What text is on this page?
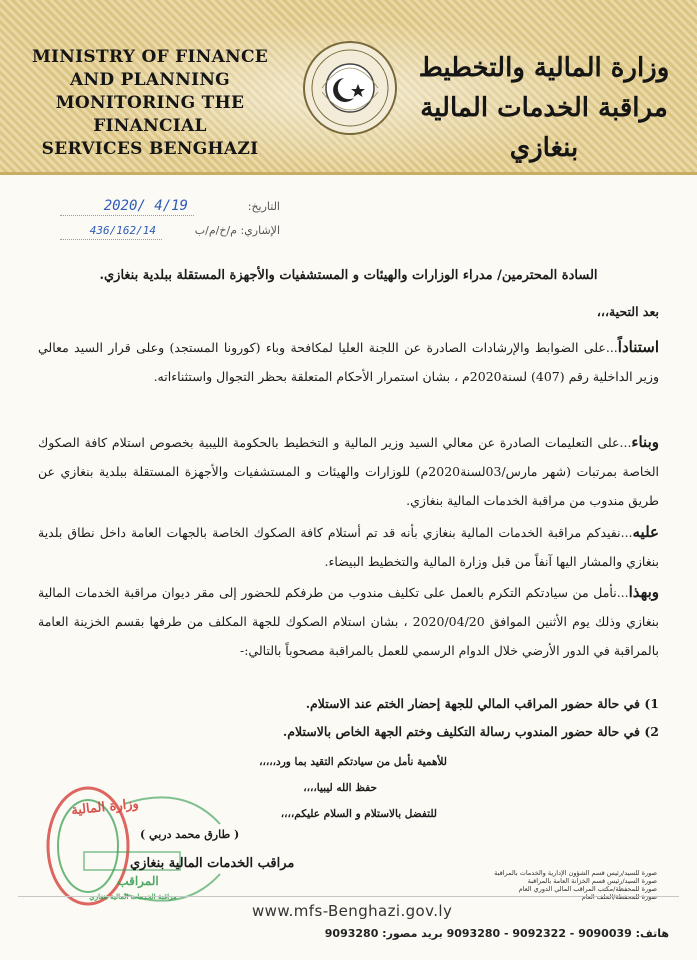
MINISTRY OF FINANCE
AND PLANNING
MONITORING THE FINANCIAL
SERVICES BENGHAZI
وزارة المالية والتخطيط
مراقبة الخدمات المالية بنغازي
التاريخ:
2020/ 4/19
الإشاري: م/خ/م/ب
436/162/14
السادة المحترمين/ مدراء الوزارات والهيئات و المستشفيات والأجهزة المستقلة ببلدية بنغازي.
بعد التحية،،،
استناداً...على الضوابط والإرشادات الصادرة عن اللجنة العليا لمكافحة وباء (كورونا المستجد) وعلى قرار السيد معالي وزير الداخلية رقم (407) لسنة2020م ، بشان استمرار الأحكام المتعلقة بحظر التجوال واستثناءاته.
وبناء...على التعليمات الصادرة عن معالي السيد وزير المالية و التخطيط بالحكومة الليبية بخصوص استلام كافة الصكوك الخاصة بمرتبات (شهر مارس/03لسنة2020م) للوزارات والهيئات و المستشفيات والأجهزة المستقلة ببلدية بنغازي عن طريق مندوب من مراقبة الخدمات المالية بنغازي.
عليه...نفيدكم مراقبة الخدمات المالية بنغازي بأنه قد تم أستلام كافة الصكوك الخاصة بالجهات العامة داخل نطاق بلدية بنغازي والمشار اليها آنفاً من قبل وزارة المالية والتخطيط البيضاء.
وبهذا...نأمل من سيادتكم التكرم بالعمل على تكليف مندوب من طرفكم للحضور إلى مقر ديوان مراقبة الخدمات المالية بنغازي وذلك يوم الأثنين الموافق 2020/04/20 ، بشان استلام الصكوك للجهة المكلف من طرفها بقسم الخزينة العامة بالمراقبة في الدور الأرضي خلال الدوام الرسمي للعمل بالمراقبة مصحوباً بالتالي:-
1) في حالة حضور المراقب المالي للجهة إحضار الختم عند الاستلام.
2) في حالة حضور المندوب رسالة التكليف وختم الجهة الخاص بالاستلام.
للأهمية نأمل من سيادتكم التقيد بما ورد،،،،،
حفظ الله ليبيا،،،،
للتفضل بالاستلام و السلام عليكم،،،،
وزارة المالية
المراقب
مراقبة الخدمات المالية بنغازي
( طارق محمد دربي )
مراقب الخدمات المالية بنغازي
صورة للسيد/رئيس قسم الشؤون الإدارية والخدمات بالمراقبة
صورة السيد/رئيس قسم الخزانة العامة بالمراقبة
صورة للمحفظة/مكتب المراقب المالي الدوري العام
صورة للمحفظة/الملف العام
www.mfs-Benghazi.gov.ly
هاتف: 9090039 - 9092322 - 9093280 بريد مصور: 9093280
